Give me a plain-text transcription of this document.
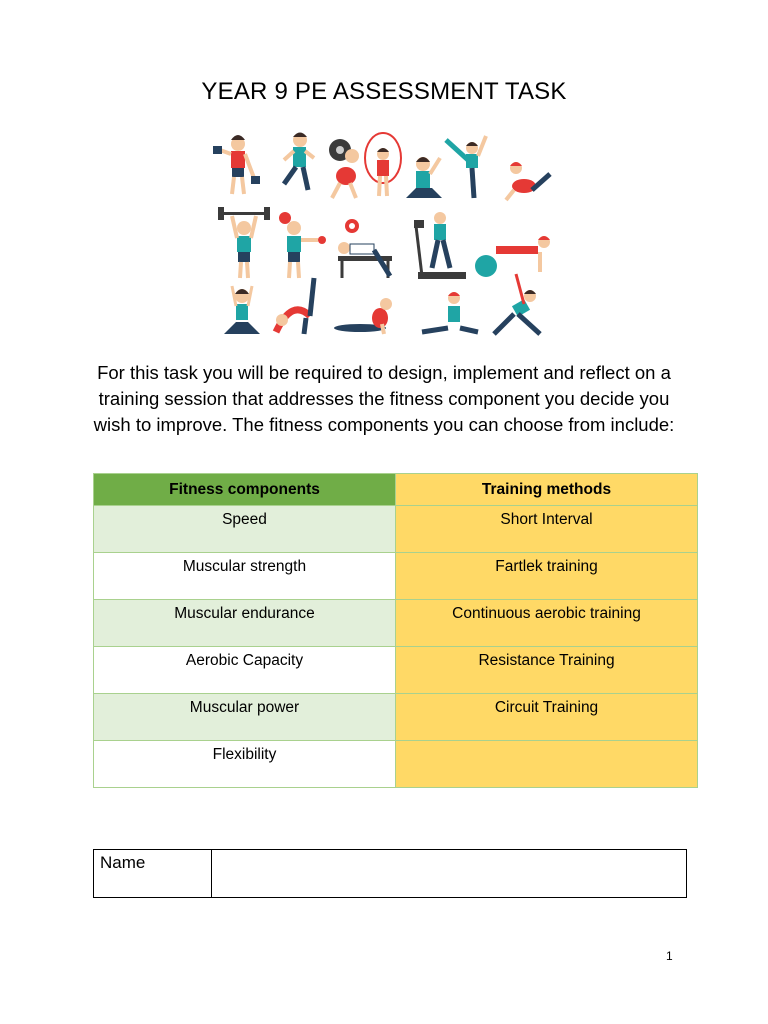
YEAR 9 PE ASSESSMENT TASK
For this task you will be required to design, implement and reflect on a training session that addresses the fitness component you decide you wish to improve. The fitness components you can choose from include:
Fitness components	Training methods
Speed	Short Interval
Muscular strength	Fartlek training
Muscular endurance	Continuous aerobic training
Aerobic Capacity	Resistance Training
Muscular power	Circuit Training
Flexibility	
Name	
1
